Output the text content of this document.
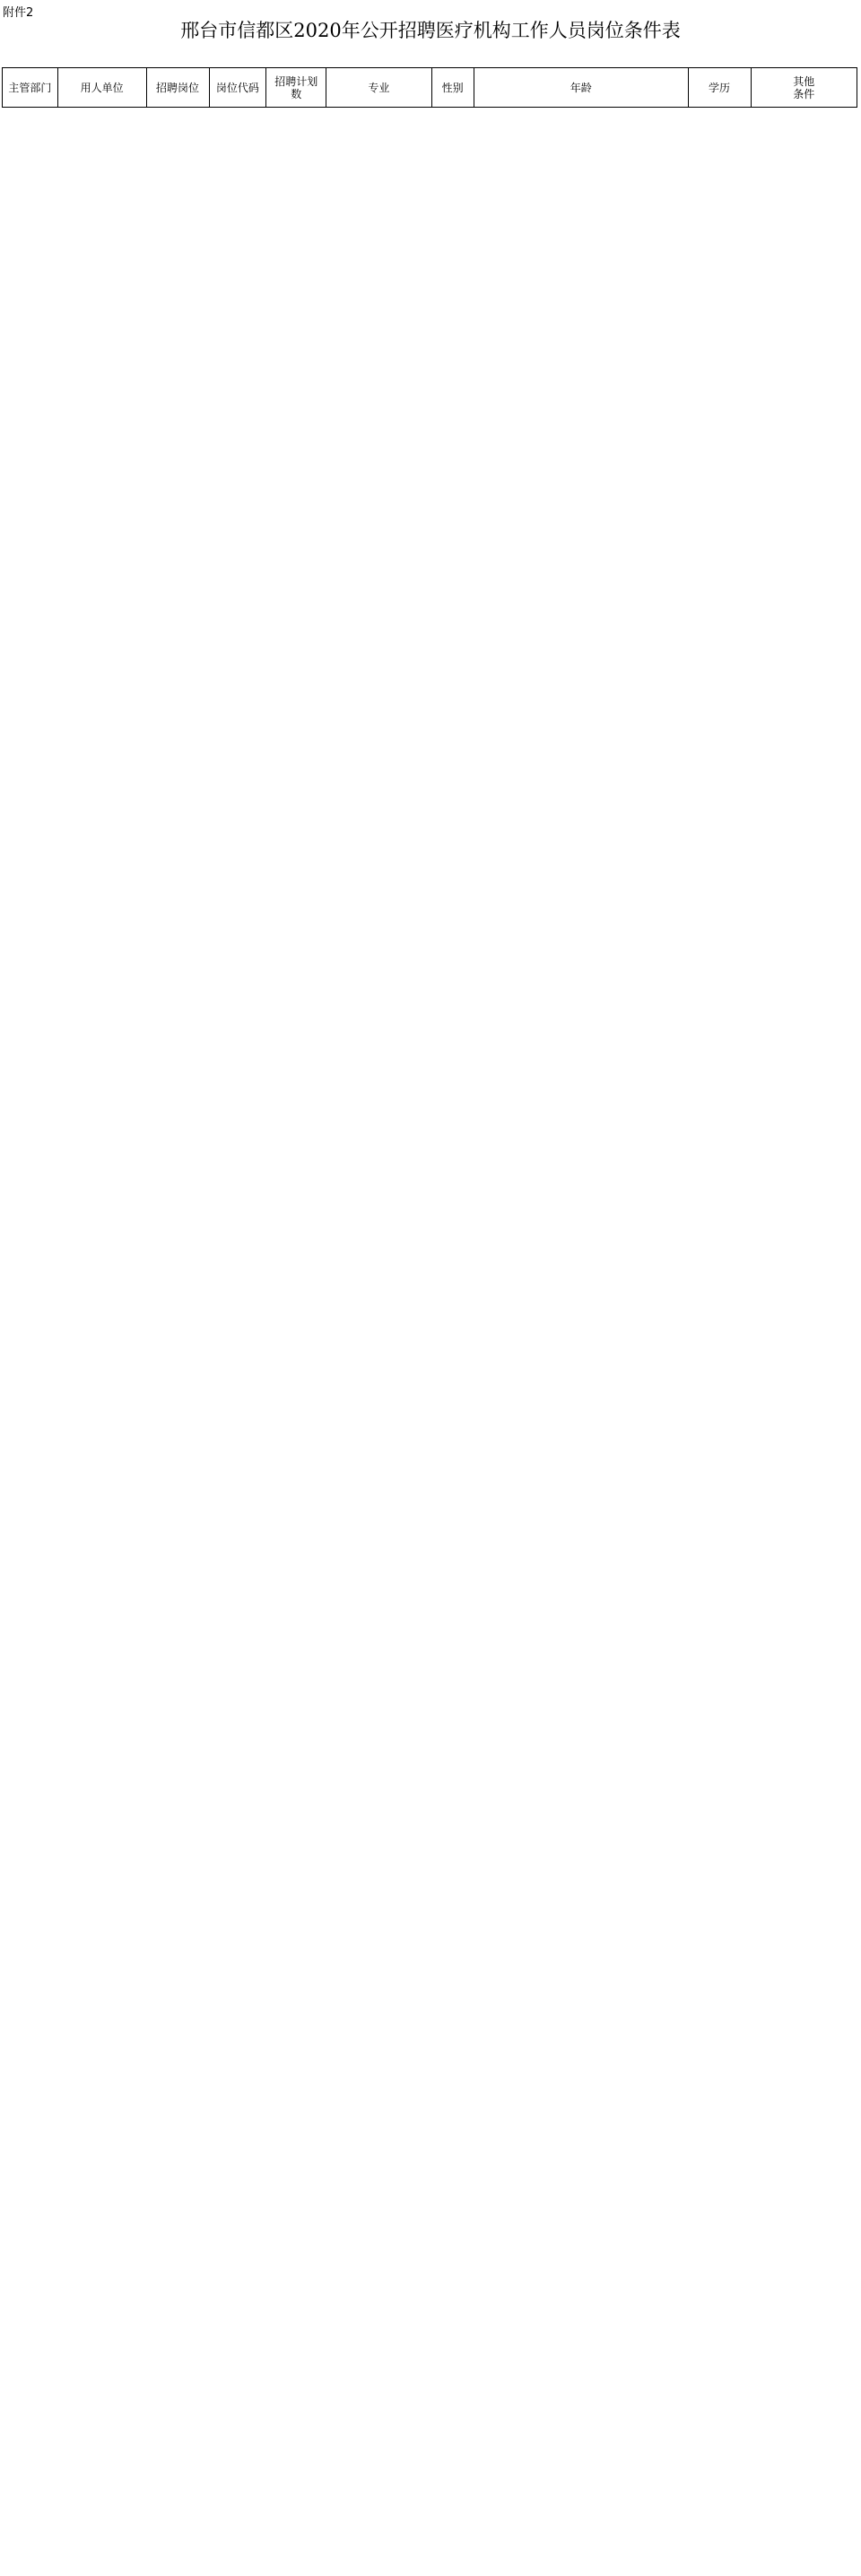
附件2
邢台市信都区2020年公开招聘医疗机构工作人员岗位条件表
主管部门	用人单位	招聘岗位	岗位代码	招聘计划数	专业	性别	年龄	学历	其他
条件
